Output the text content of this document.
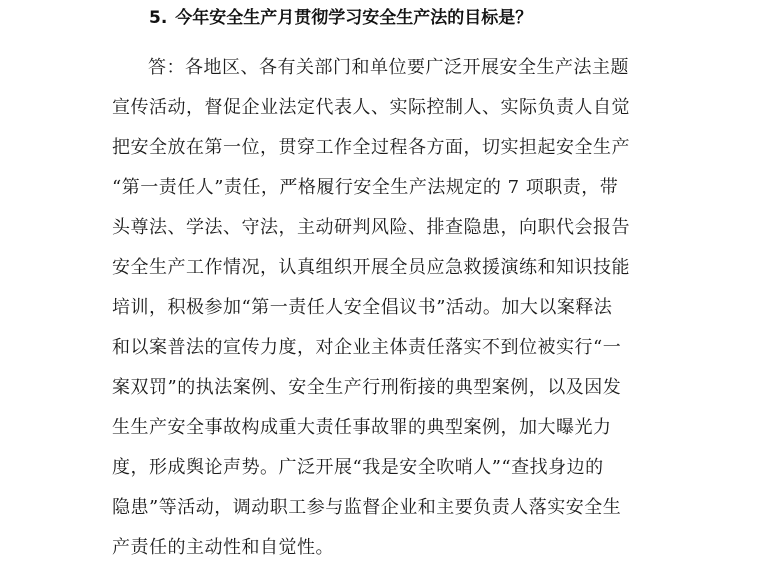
5. 今年安全生产月贯彻学习安全生产法的目标是？
答：各地区、各有关部门和单位要广泛开展安全生产法主题
宣传活动，督促企业法定代表人、实际控制人、实际负责人自觉
把安全放在第一位，贯穿工作全过程各方面，切实担起安全生产
“第一责任人”责任，严格履行安全生产法规定的 7 项职责，带
头尊法、学法、守法，主动研判风险、排查隐患，向职代会报告
安全生产工作情况，认真组织开展全员应急救援演练和知识技能
培训，积极参加“第一责任人安全倡议书”活动。加大以案释法
和以案普法的宣传力度，对企业主体责任落实不到位被实行“一
案双罚”的执法案例、安全生产行刑衔接的典型案例，以及因发
生生产安全事故构成重大责任事故罪的典型案例，加大曝光力
度，形成舆论声势。广泛开展“我是安全吹哨人”“查找身边的
隐患”等活动，调动职工参与监督企业和主要负责人落实安全生
产责任的主动性和自觉性。
